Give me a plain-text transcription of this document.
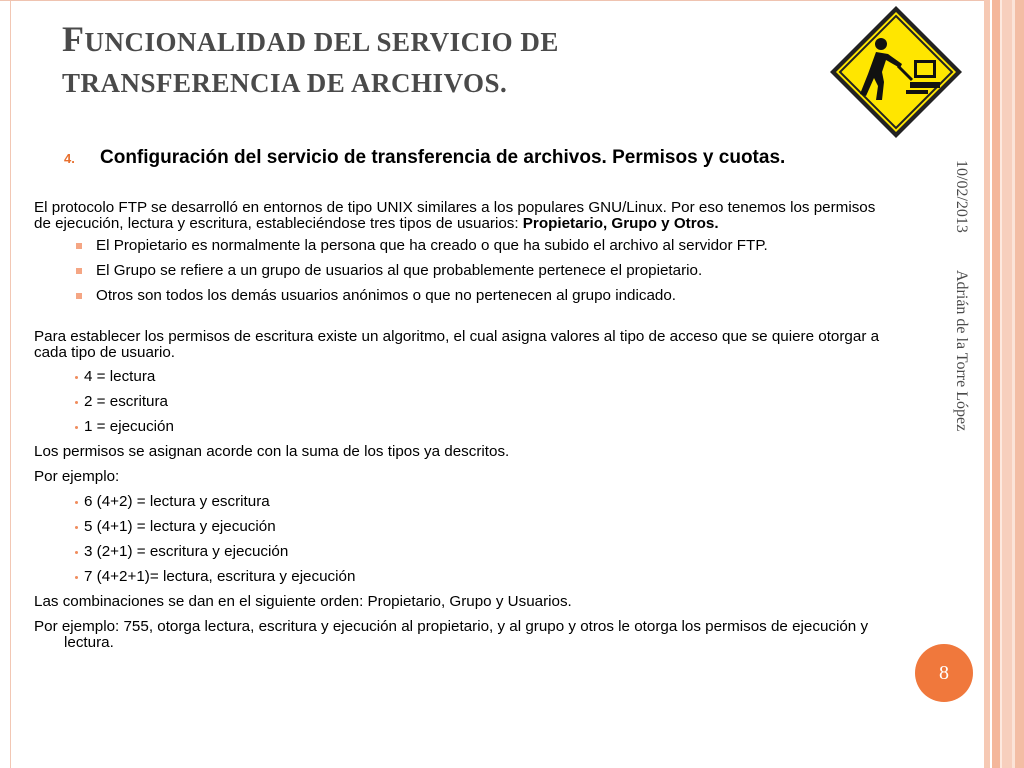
FUNCIONALIDAD DEL SERVICIO DE
TRANSFERENCIA DE ARCHIVOS.
10/02/2013
Adrián de la Torre López
8
4. Configuración del servicio de transferencia de archivos. Permisos y cuotas.

El protocolo FTP se desarrolló en entornos de tipo UNIX similares a los populares GNU/Linux. Por eso tenemos los permisos de ejecución, lectura y escritura, estableciéndose tres tipos de usuarios: Propietario, Grupo y Otros.

El Propietario es normalmente la persona que ha creado o que ha subido el archivo al servidor FTP.
El Grupo se refiere a un grupo de usuarios al que probablemente pertenece el propietario.
Otros son todos los demás usuarios anónimos o que no pertenecen al grupo indicado.

Para establecer los permisos de escritura existe un algoritmo, el cual asigna valores al tipo de acceso que se quiere otorgar a cada tipo de usuario.

4 = lectura
2 = escritura
1 = ejecución

Los permisos se asignan acorde con la suma de los tipos ya descritos.

Por ejemplo:

6 (4+2) = lectura y escritura
5 (4+1) = lectura y ejecución
3 (2+1) = escritura y ejecución
7 (4+2+1)= lectura, escritura y ejecución

Las combinaciones se dan en el siguiente orden: Propietario, Grupo y Usuarios.

Por ejemplo: 755, otorga lectura, escritura y ejecución al propietario, y al grupo y otros le otorga los permisos de ejecución y lectura.
